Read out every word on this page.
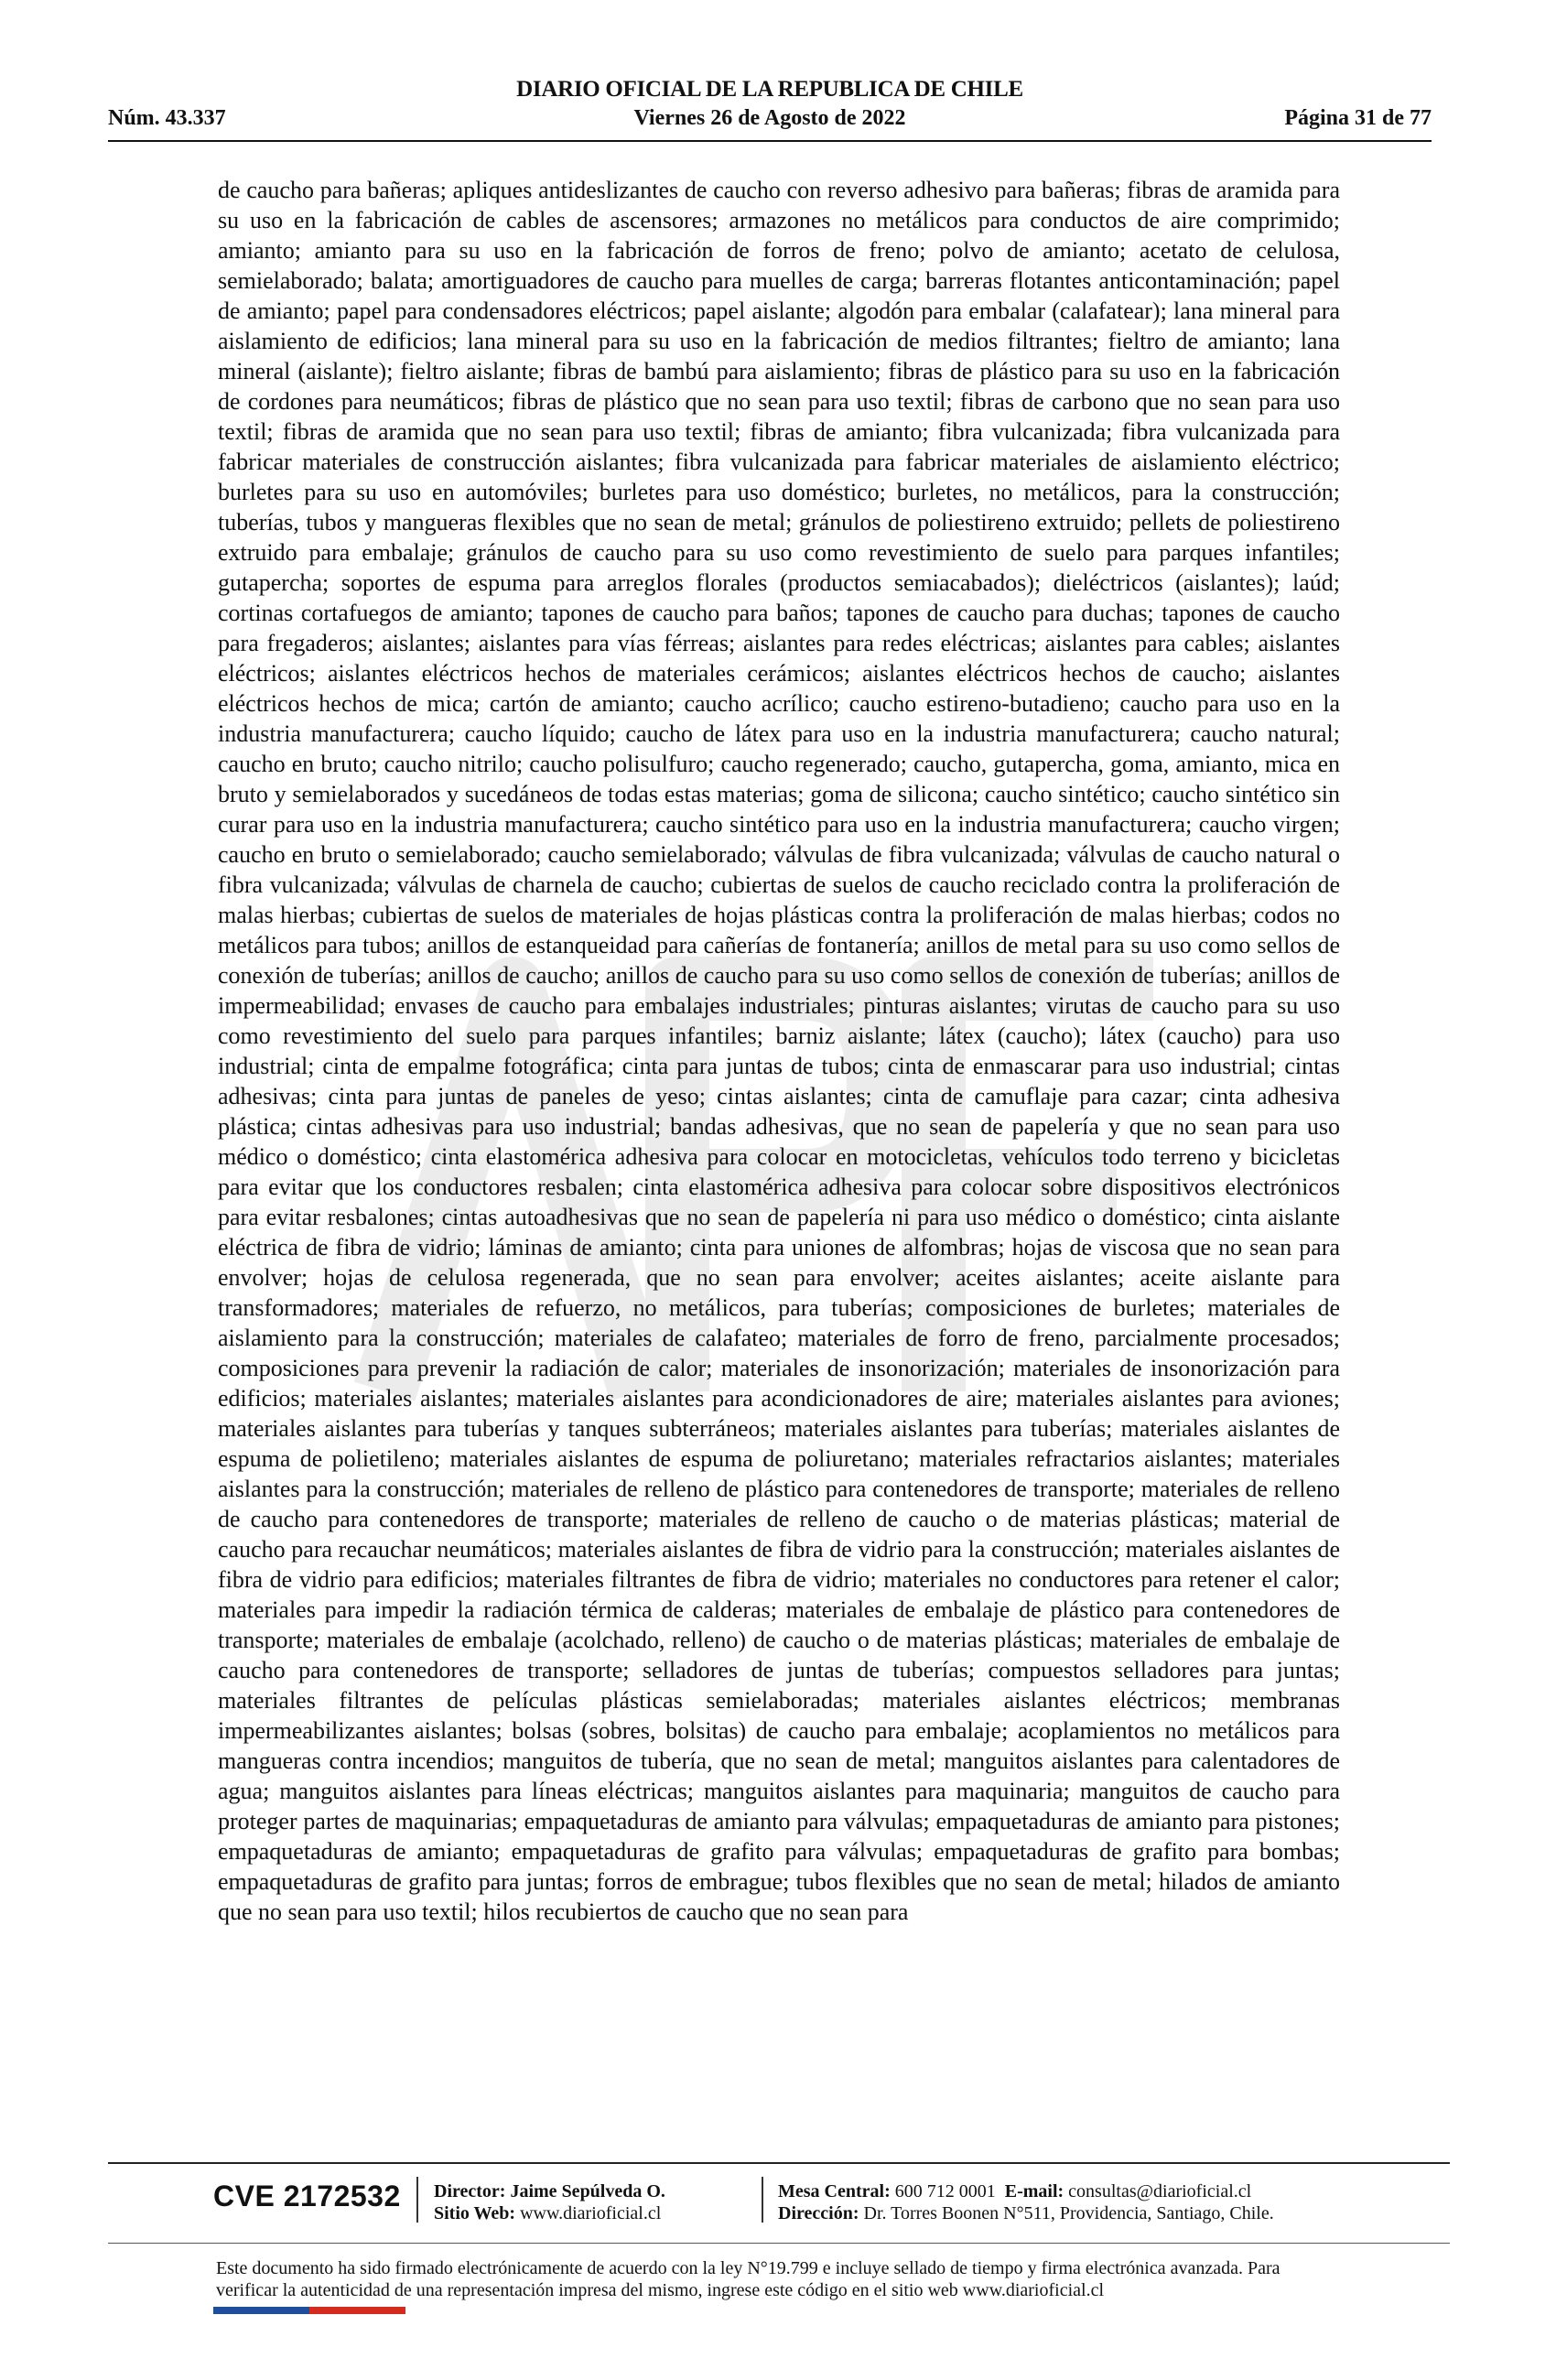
DIARIO OFICIAL DE LA REPUBLICA DE CHILE
Núm. 43.337	Viernes 26 de Agosto de 2022	Página 31 de 77
de caucho para bañeras; apliques antideslizantes de caucho con reverso adhesivo para bañeras; fibras de aramida para su uso en la fabricación de cables de ascensores; armazones no metálicos para conductos de aire comprimido; amianto; amianto para su uso en la fabricación de forros de freno; polvo de amianto; acetato de celulosa, semielaborado; balata; amortiguadores de caucho para muelles de carga; barreras flotantes anticontaminación; papel de amianto; papel para condensadores eléctricos; papel aislante; algodón para embalar (calafatear); lana mineral para aislamiento de edificios; lana mineral para su uso en la fabricación de medios filtrantes; fieltro de amianto; lana mineral (aislante); fieltro aislante; fibras de bambú para aislamiento; fibras de plástico para su uso en la fabricación de cordones para neumáticos; fibras de plástico que no sean para uso textil; fibras de carbono que no sean para uso textil; fibras de aramida que no sean para uso textil; fibras de amianto; fibra vulcanizada; fibra vulcanizada para fabricar materiales de construcción aislantes; fibra vulcanizada para fabricar materiales de aislamiento eléctrico; burletes para su uso en automóviles; burletes para uso doméstico; burletes, no metálicos, para la construcción; tuberías, tubos y mangueras flexibles que no sean de metal; gránulos de poliestireno extruido; pellets de poliestireno extruido para embalaje; gránulos de caucho para su uso como revestimiento de suelo para parques infantiles; gutapercha; soportes de espuma para arreglos florales (productos semiacabados); dieléctricos (aislantes); laúd; cortinas cortafuegos de amianto; tapones de caucho para baños; tapones de caucho para duchas; tapones de caucho para fregaderos; aislantes; aislantes para vías férreas; aislantes para redes eléctricas; aislantes para cables; aislantes eléctricos; aislantes eléctricos hechos de materiales cerámicos; aislantes eléctricos hechos de caucho; aislantes eléctricos hechos de mica; cartón de amianto; caucho acrílico; caucho estireno-butadieno; caucho para uso en la industria manufacturera; caucho líquido; caucho de látex para uso en la industria manufacturera; caucho natural; caucho en bruto; caucho nitrilo; caucho polisulfuro; caucho regenerado; caucho, gutapercha, goma, amianto, mica en bruto y semielaborados y sucedáneos de todas estas materias; goma de silicona; caucho sintético; caucho sintético sin curar para uso en la industria manufacturera; caucho sintético para uso en la industria manufacturera; caucho virgen; caucho en bruto o semielaborado; caucho semielaborado; válvulas de fibra vulcanizada; válvulas de caucho natural o fibra vulcanizada; válvulas de charnela de caucho; cubiertas de suelos de caucho reciclado contra la proliferación de malas hierbas; cubiertas de suelos de materiales de hojas plásticas contra la proliferación de malas hierbas; codos no metálicos para tubos; anillos de estanqueidad para cañerías de fontanería; anillos de metal para su uso como sellos de conexión de tuberías; anillos de caucho; anillos de caucho para su uso como sellos de conexión de tuberías; anillos de impermeabilidad; envases de caucho para embalajes industriales; pinturas aislantes; virutas de caucho para su uso como revestimiento del suelo para parques infantiles; barniz aislante; látex (caucho); látex (caucho) para uso industrial; cinta de empalme fotográfica; cinta para juntas de tubos; cinta de enmascarar para uso industrial; cintas adhesivas; cinta para juntas de paneles de yeso; cintas aislantes; cinta de camuflaje para cazar; cinta adhesiva plástica; cintas adhesivas para uso industrial; bandas adhesivas, que no sean de papelería y que no sean para uso médico o doméstico; cinta elastomérica adhesiva para colocar en motocicletas, vehículos todo terreno y bicicletas para evitar que los conductores resbalen; cinta elastomérica adhesiva para colocar sobre dispositivos electrónicos para evitar resbalones; cintas autoadhesivas que no sean de papelería ni para uso médico o doméstico; cinta aislante eléctrica de fibra de vidrio; láminas de amianto; cinta para uniones de alfombras; hojas de viscosa que no sean para envolver; hojas de celulosa regenerada, que no sean para envolver; aceites aislantes; aceite aislante para transformadores; materiales de refuerzo, no metálicos, para tuberías; composiciones de burletes; materiales de aislamiento para la construcción; materiales de calafateo; materiales de forro de freno, parcialmente procesados; composiciones para prevenir la radiación de calor; materiales de insonorización; materiales de insonorización para edificios; materiales aislantes; materiales aislantes para acondicionadores de aire; materiales aislantes para aviones; materiales aislantes para tuberías y tanques subterráneos; materiales aislantes para tuberías; materiales aislantes de espuma de polietileno; materiales aislantes de espuma de poliuretano; materiales refractarios aislantes; materiales aislantes para la construcción; materiales de relleno de plástico para contenedores de transporte; materiales de relleno de caucho para contenedores de transporte; materiales de relleno de caucho o de materias plásticas; material de caucho para recauchar neumáticos; materiales aislantes de fibra de vidrio para la construcción; materiales aislantes de fibra de vidrio para edificios; materiales filtrantes de fibra de vidrio; materiales no conductores para retener el calor; materiales para impedir la radiación térmica de calderas; materiales de embalaje de plástico para contenedores de transporte; materiales de embalaje (acolchado, relleno) de caucho o de materias plásticas; materiales de embalaje de caucho para contenedores de transporte; selladores de juntas de tuberías; compuestos selladores para juntas; materiales filtrantes de películas plásticas semielaboradas; materiales aislantes eléctricos; membranas impermeabilizantes aislantes; bolsas (sobres, bolsitas) de caucho para embalaje; acoplamientos no metálicos para mangueras contra incendios; manguitos de tubería, que no sean de metal; manguitos aislantes para calentadores de agua; manguitos aislantes para líneas eléctricas; manguitos aislantes para maquinaria; manguitos de caucho para proteger partes de maquinarias; empaquetaduras de amianto para válvulas; empaquetaduras de amianto para pistones; empaquetaduras de amianto; empaquetaduras de grafito para válvulas; empaquetaduras de grafito para bombas; empaquetaduras de grafito para juntas; forros de embrague; tubos flexibles que no sean de metal; hilados de amianto que no sean para uso textil; hilos recubiertos de caucho que no sean para
CVE 2172532 Director: Jaime Sepúlveda O.
Sitio Web: www.diarioficial.cl
Mesa Central: 600 712 0001 E-mail: consultas@diarioficial.cl
Dirección: Dr. Torres Boonen N°511, Providencia, Santiago, Chile.
Este documento ha sido firmado electrónicamente de acuerdo con la ley N°19.799 e incluye sellado de tiempo y firma electrónica avanzada. Para verificar la autenticidad de una representación impresa del mismo, ingrese este código en el sitio web www.diarioficial.cl
